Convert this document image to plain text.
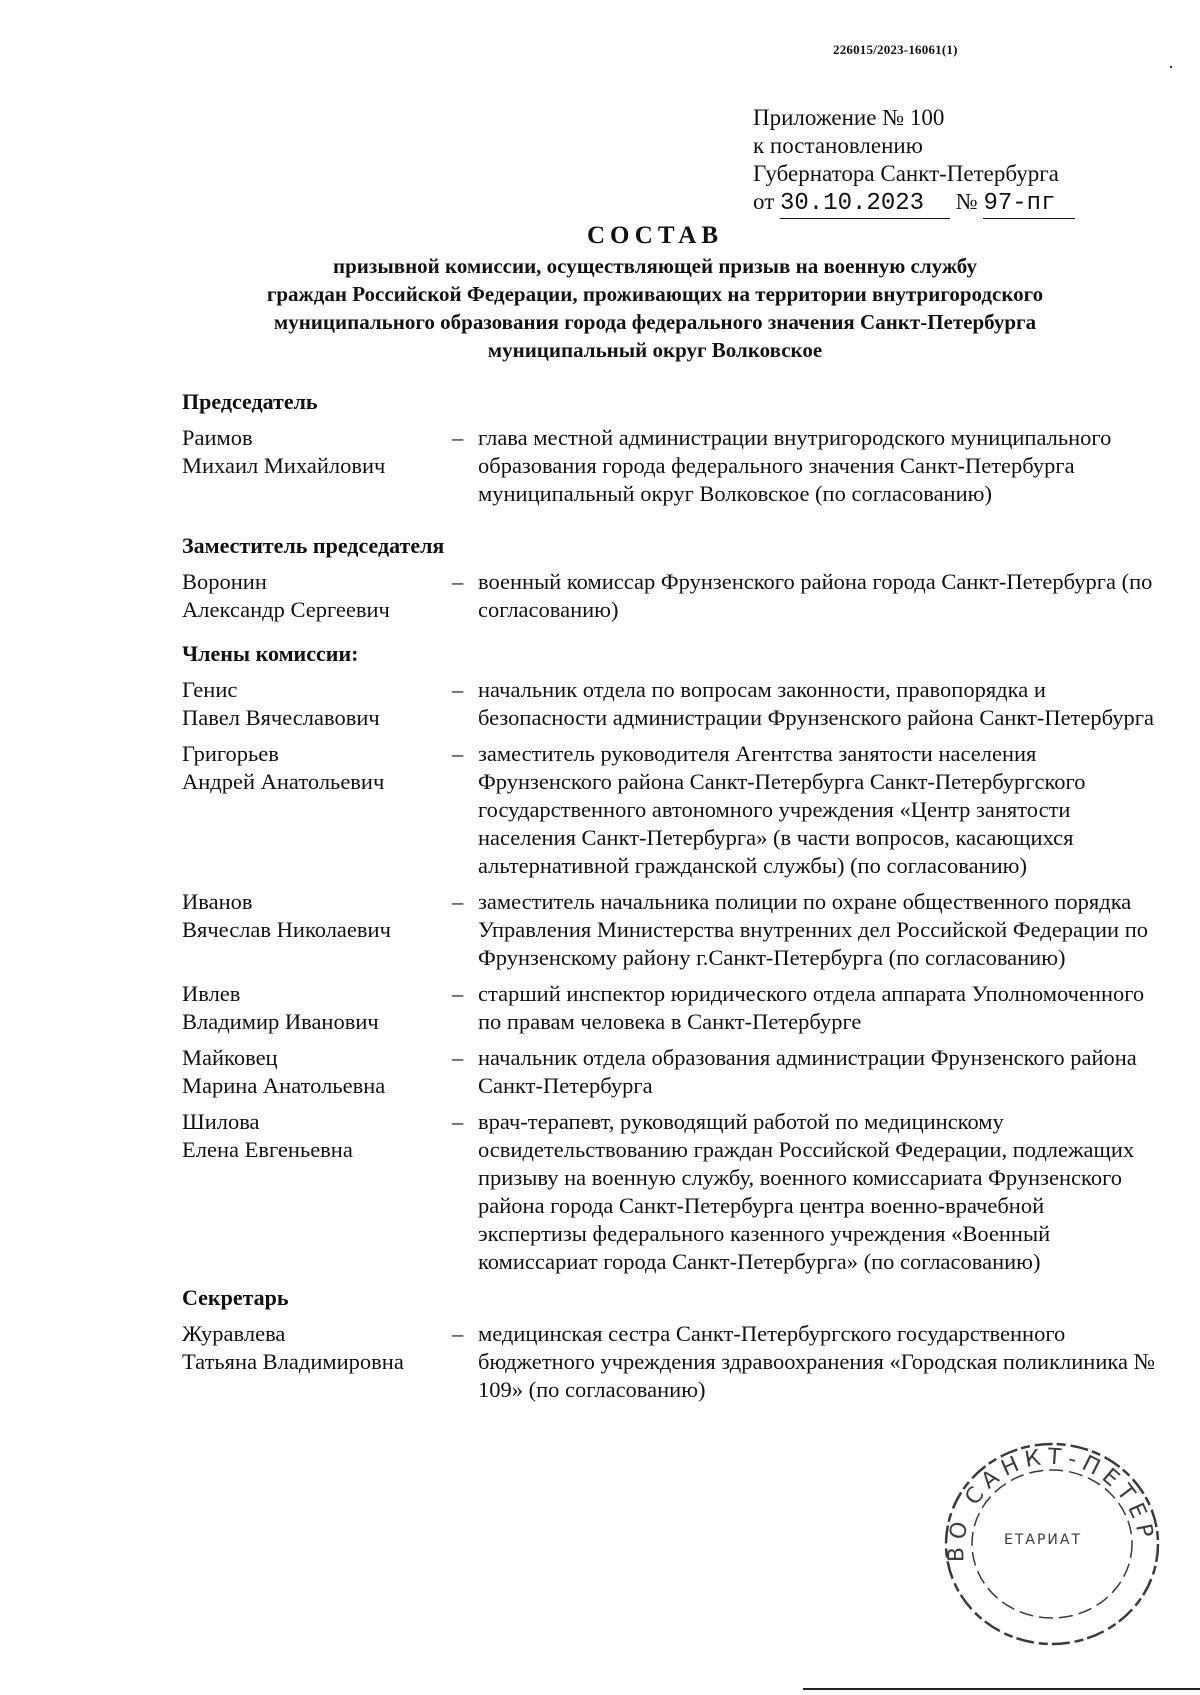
226015/2023-16061(1)
Приложение № 100
к постановлению
Губернатора Санкт-Петербурга
от 30.10.2023 № 97-пг
СОСТАВ
призывной комиссии, осуществляющей призыв на военную службу
граждан Российской Федерации, проживающих на территории внутригородского
муниципального образования города федерального значения Санкт-Петербурга
муниципальный округ Волковское
Председатель
Раимов
Михаил Михайлович
– глава местной администрации внутригородского муниципального образования города федерального значения Санкт-Петербурга муниципальный округ Волковское (по согласованию)
Заместитель председателя
Воронин
Александр Сергеевич
– военный комиссар Фрунзенского района города Санкт-Петербурга (по согласованию)
Члены комиссии:
Генис
Павел Вячеславович
– начальник отдела по вопросам законности, правопорядка и безопасности администрации Фрунзенского района Санкт-Петербурга
Григорьев
Андрей Анатольевич
– заместитель руководителя Агентства занятости населения Фрунзенского района Санкт-Петербурга Санкт-Петербургского государственного автономного учреждения «Центр занятости населения Санкт-Петербурга» (в части вопросов, касающихся альтернативной гражданской службы) (по согласованию)
Иванов
Вячеслав Николаевич
– заместитель начальника полиции по охране общественного порядка Управления Министерства внутренних дел Российской Федерации по Фрунзенскому району г.Санкт-Петербурга (по согласованию)
Ивлев
Владимир Иванович
– старший инспектор юридического отдела аппарата Уполномоченного по правам человека в Санкт-Петербурге
Майковец
Марина Анатольевна
– начальник отдела образования администрации Фрунзенского района Санкт-Петербурга
Шилова
Елена Евгеньевна
– врач-терапевт, руководящий работой по медицинскому освидетельствованию граждан Российской Федерации, подлежащих призыву на военную службу, военного комиссариата Фрунзенского района города Санкт-Петербурга центра военно-врачебной экспертизы федерального казенного учреждения «Военный комиссариат города Санкт-Петербурга» (по согласованию)
Секретарь
Журавлева
Татьяна Владимировна
– медицинская сестра Санкт-Петербургского государственного бюджетного учреждения здравоохранения «Городская поликлиника № 109» (по согласованию)
ВО САНКТ-ПЕТЕР
ЕТАРИАТ
